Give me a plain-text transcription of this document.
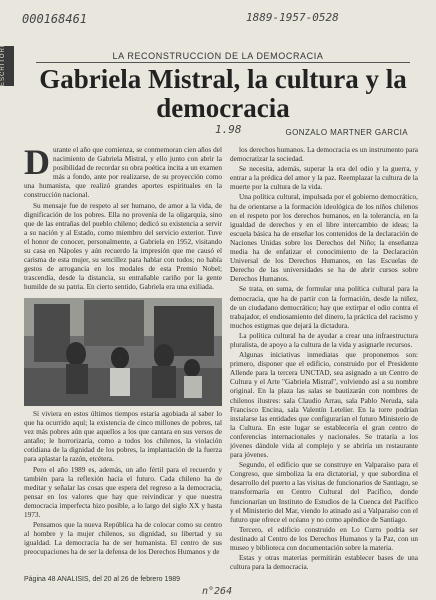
000168461	1889-1957-0528
1.98
n°264
ESCRITORES	LA RECONSTRUCCION DE LA DEMOCRACIA
Gabriela Mistral, la cultura y la democracia
GONZALO MARTNER GARCIA
D urante el año que comienza, se conmemoran cien años del nacimiento de Gabriela Mistral, y ello junto con abrir la posibilidad de recordar su obra poética incita a un examen más a fondo, ante por realizarse, de su proyección como una humanista, que realizó grandes aportes espirituales en la construcción nacional.

Su mensaje fue de respeto al ser humano, de amor a la vida, de dignificación de los pobres. Ella no provenía de la oligarquía, sino que de las entrañas del pueblo chileno; dedicó su existencia a servir a su nación y al Estado, como miembro del servicio exterior. Tuve el honor de conocer, personalmente, a Gabriela en 1952, visitando su casa en Nápoles y aún recuerdo la impresión que me causó el carisma de esta mujer, su sencillez para hablar con todos; no había gestos de arrogancia en los modales de esta Premio Nobel; trascendía, desde la distancia, su entrañable cariño por la gente humilde de su patria. En cierto sentido, Gabriela era una exiliada.

Si viviera en estos últimos tiempos estaría agobiada al saber lo que ha ocurrido aquí; la existencia de cinco millones de pobres, tal vez más pobres aún que aquellos a los que cantara en sus versos de antaño; le horrorizaría, como a todos los chilenos, la violación cotidiana de la dignidad de los pobres, la implantación de la fuerza para aplastar la razón, etcétera.

Pero el año 1989 es, además, un año fértil para el recuerdo y también para la reflexión hacia el futuro. Cada chileno ha de meditar y señalar las cosas que espera del regreso a la democracia, pensar en los valores que hay que reivindicar y que nuestra democracia imperfecta hizo posible, a lo largo del siglo XX y hasta 1973.

Pensamos que la nueva República ha de colocar como su centro al hombre y la mujer chilenos, su dignidad, su libertad y su igualdad. La democracia ha de ser humanista. El centro de sus preocupaciones ha de ser la defensa de los Derechos Humanos y de

los derechos humanos. La democracia es un instrumento para democratizar la sociedad.

Se necesita, además, superar la era del odio y la guerra, y entrar a la prédica del amor y la paz. Reemplazar la cultura de la muerte por la cultura de la vida.

Una política cultural, impulsada por el gobierno democrático, ha de orientarse a la formación ideológica de los niños chilenos en el respeto por los derechos humanos, en la tolerancia, en la igualdad de derechos y en el libre intercambio de ideas; la escuela básica ha de enseñar los contenidos de la declaración de Naciones Unidas sobre los Derechos del Niño; la enseñanza media ha de enfatizar el conocimiento de la Declaración Universal de los Derechos Humanos, en las Escuelas de Derecho de las universidades se ha de abrir cursos sobre Derechos Humanos.

Se trata, en suma, de formular una política cultural para la democracia, que ha de partir con la formación, desde la niñez, de un ciudadano democrático; hay que extirpar el odio contra el trabajador, el endiosamiento del dinero, la práctica del racismo y muchos estigmas que dejará la dictadura.

La política cultural ha de ayudar a crear una infraestructura pluralista, de apoyo a la cultura de la vida y asignarle recursos.

Algunas iniciativas inmediatas que proponemos son: primero, disponer que el edificio, construido por el Presidente Allende para la tercera UNCTAD, sea asignado a un Centro de Cultura y el Arte "Gabriela Mistral", volviendo así a su nombre original. En la plaza las salas se bautizarán con nombres de chilenos ilustres: sala Claudio Arrau, sala Pablo Neruda, sala Francisco Encina, sala Valentín Letelier. En la torre podrían instalarse las entidades que configurarían el futuro Ministerio de la Cultura. En este lugar se establecería el gran centro de conferencias internacionales y nacionales. Se trataría a los jóvenes dándole vida al complejo y se abriría un restaurante para jóvenes.

Segundo, el edificio que se construye en Valparaíso para el Congreso, que simboliza la era dictatorial, y que subordina el desarrollo del puerto a las visitas de funcionarios de Santiago, se transformaría en Centro Cultural del Pacífico, donde funcionarían un Instituto de Estudios de la Cuenca del Pacífico y el Ministerio del Mar, viendo lo atinado así a Valparaíso con el futuro que ofrece el océano y no como apéndice de Santiago.

Tercero, el edificio construido en Lo Curro podría ser destinado al Centro de los Derechos Humanos y la Paz, con un museo y biblioteca con documentación sobre la materia.

Estas y otras materias permitirán establecer bases de una cultura para la democracia.

Página 48 ANALISIS, del 20 al 26 de febrero 1989
